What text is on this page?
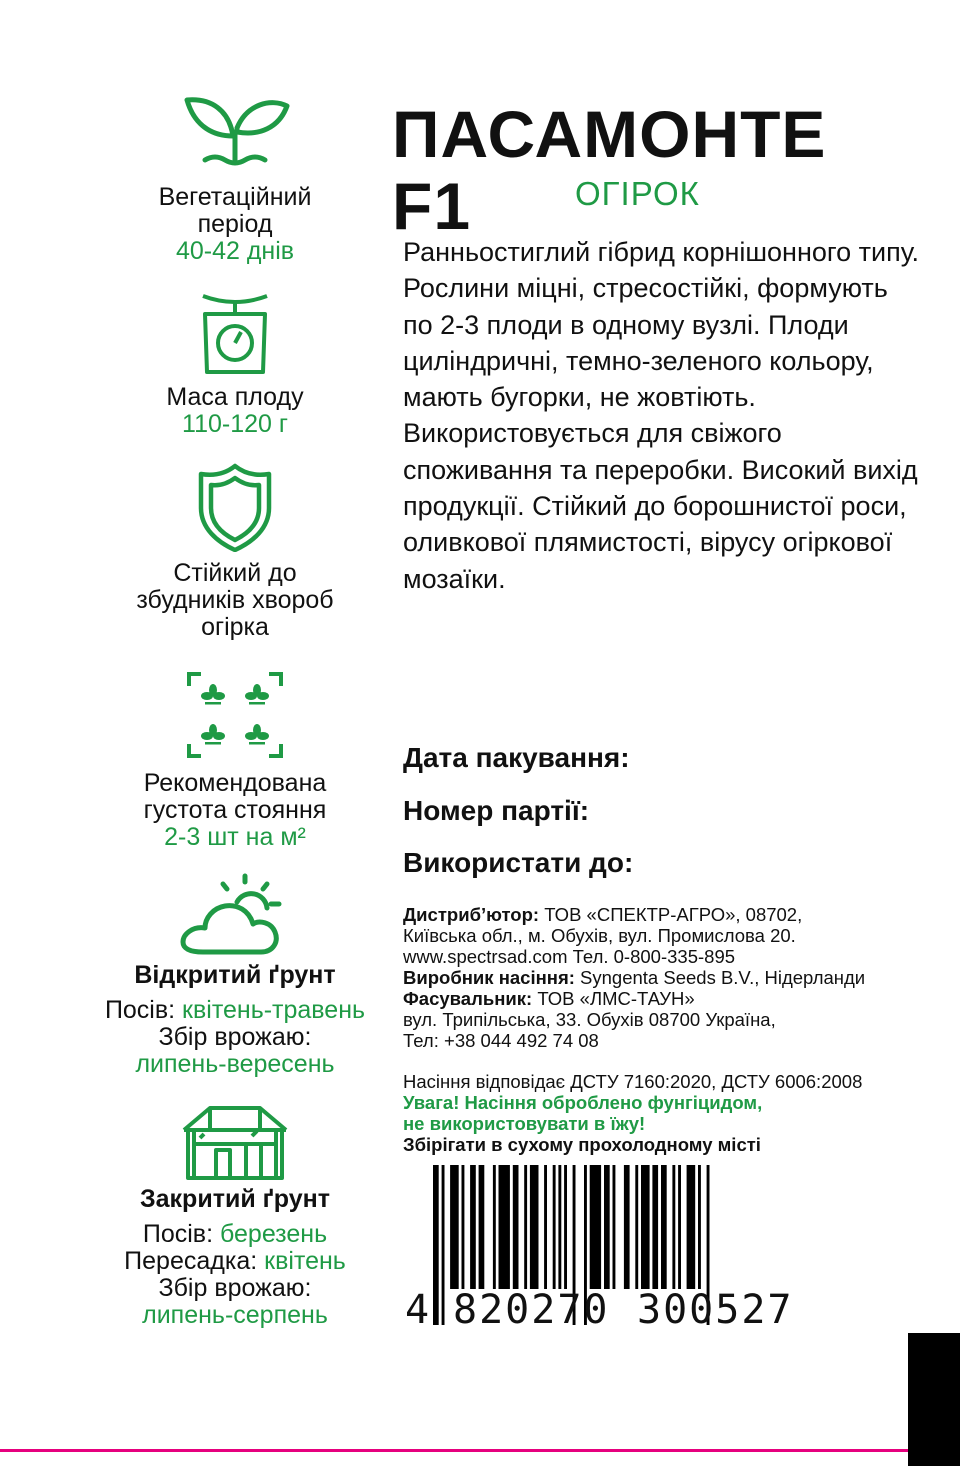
Вегетаційний
період
40-42 днів
Маса плоду
110-120 г
Стійкий до
збудників хвороб
огірка
Рекомендована
густота стояння
2-3 шт на м²
Відкритий ґрунт
Посів: квітень-травень
Збір врожаю:
липень-вересень
Закритий ґрунт
Посів: березень
Пересадка: квітень
Збір врожаю:
липень-серпень
ПАСАМОНТЕ F1	ОГІРОК
Ранньостиглий гібрид корнішонного типу. Рослини міцні, стресостійкі, формують по 2-3 плоди в одному вузлі. Плоди циліндричні, темно-зеленого кольору, мають бугорки, не жовтіють. Використовується для свіжого споживання та переробки. Високий вихід продукції. Стійкий до борошнистої роси, оливкової плямистості, вірусу огіркової мозаїки.
Дата пакування:
Номер партії:
Використати до:
Дистриб’ютор: ТОВ «СПЕКТР-АГРО», 08702,
Київська обл., м. Обухів, вул. Промислова 20.
www.spectrsad.com Тел. 0-800-335-895
Виробник насіння: Syngenta Seeds B.V., Нідерланди
Фасувальник: ТОВ «ЛМС-ТАУН»
вул. Трипільська, 33. Обухів 08700 Україна,
Тел: +38 044 492 74 08
Насіння відповідає ДСТУ 7160:2020, ДСТУ 6006:2008
Увага! Насіння оброблено фунгіцидом,
не використовувати в їжу!
Збірігати в сухому прохолодному місті
4 820270 300527
